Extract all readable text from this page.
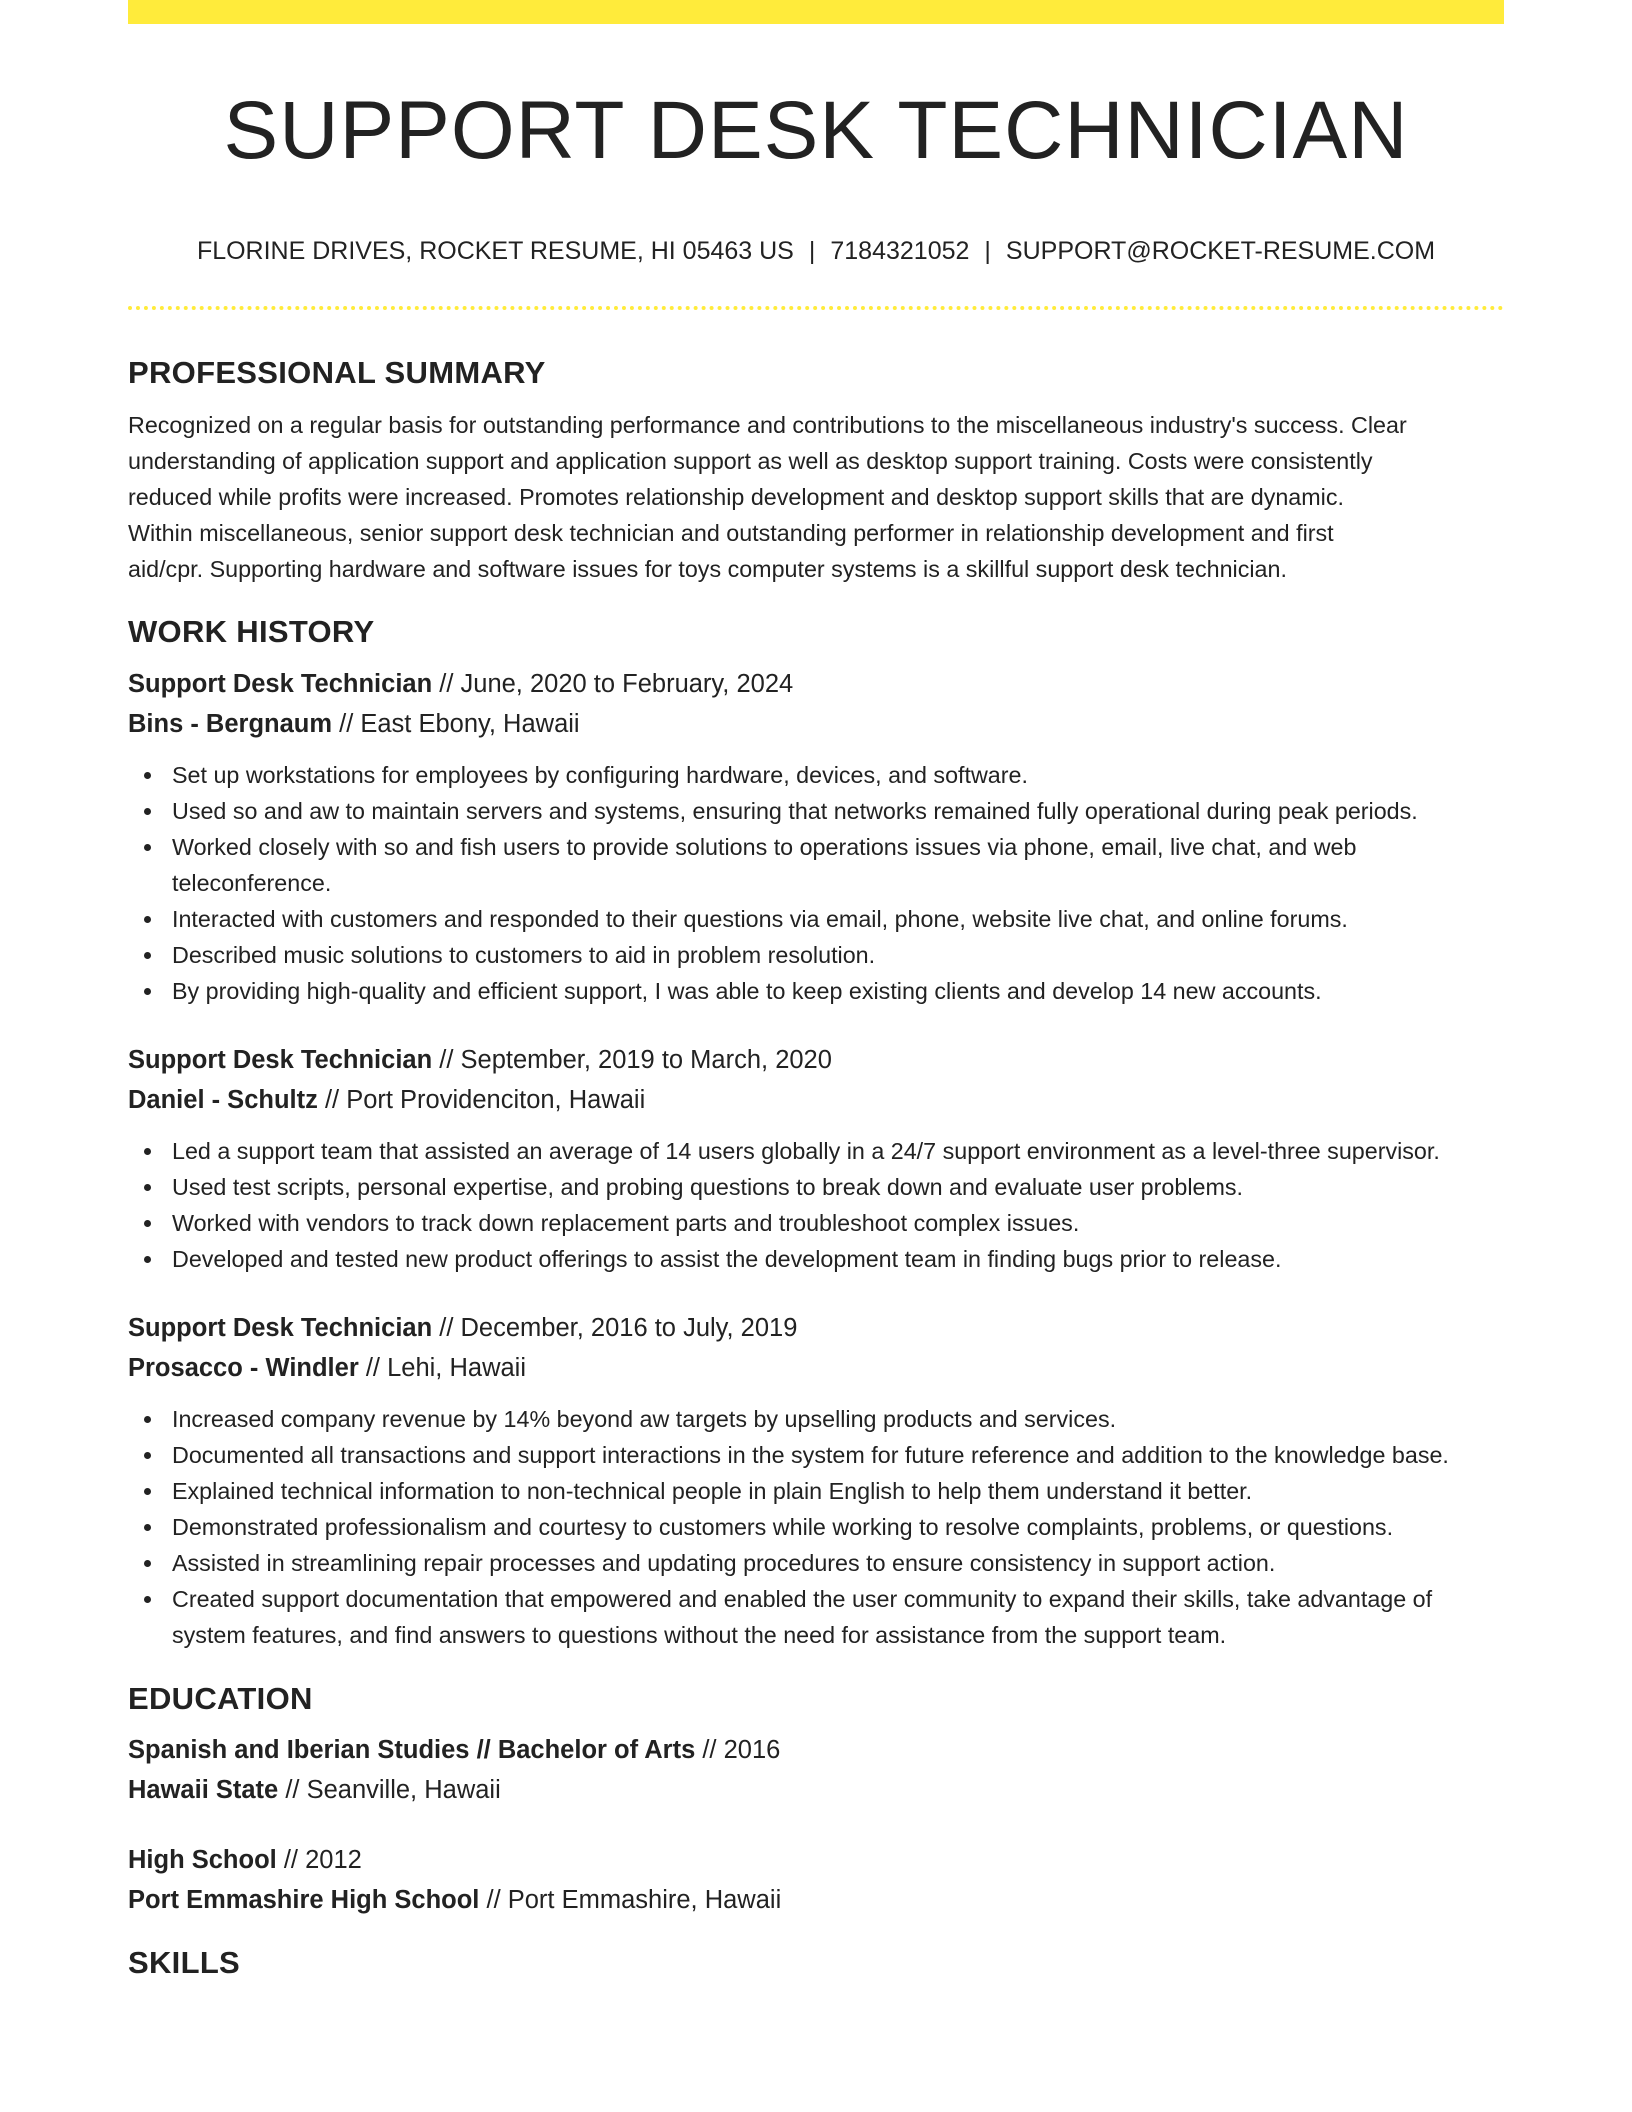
SUPPORT DESK TECHNICIAN
FLORINE DRIVES, ROCKET RESUME, HI 05463 US | 7184321052 | SUPPORT@ROCKET-RESUME.COM
PROFESSIONAL SUMMARY
Recognized on a regular basis for outstanding performance and contributions to the miscellaneous industry's success. Clear
understanding of application support and application support as well as desktop support training. Costs were consistently
reduced while profits were increased. Promotes relationship development and desktop support skills that are dynamic.
Within miscellaneous, senior support desk technician and outstanding performer in relationship development and first
aid/cpr. Supporting hardware and software issues for toys computer systems is a skillful support desk technician.
WORK HISTORY
Support Desk Technician // June, 2020 to February, 2024
Bins - Bergnaum // East Ebony, Hawaii
Set up workstations for employees by configuring hardware, devices, and software.
Used so and aw to maintain servers and systems, ensuring that networks remained fully operational during peak periods.
Worked closely with so and fish users to provide solutions to operations issues via phone, email, live chat, and web teleconference.
Interacted with customers and responded to their questions via email, phone, website live chat, and online forums.
Described music solutions to customers to aid in problem resolution.
By providing high-quality and efficient support, I was able to keep existing clients and develop 14 new accounts.
Support Desk Technician // September, 2019 to March, 2020
Daniel - Schultz // Port Providenciton, Hawaii
Led a support team that assisted an average of 14 users globally in a 24/7 support environment as a level-three supervisor.
Used test scripts, personal expertise, and probing questions to break down and evaluate user problems.
Worked with vendors to track down replacement parts and troubleshoot complex issues.
Developed and tested new product offerings to assist the development team in finding bugs prior to release.
Support Desk Technician // December, 2016 to July, 2019
Prosacco - Windler // Lehi, Hawaii
Increased company revenue by 14% beyond aw targets by upselling products and services.
Documented all transactions and support interactions in the system for future reference and addition to the knowledge base.
Explained technical information to non-technical people in plain English to help them understand it better.
Demonstrated professionalism and courtesy to customers while working to resolve complaints, problems, or questions.
Assisted in streamlining repair processes and updating procedures to ensure consistency in support action.
Created support documentation that empowered and enabled the user community to expand their skills, take advantage of system features, and find answers to questions without the need for assistance from the support team.
EDUCATION
Spanish and Iberian Studies // Bachelor of Arts // 2016
Hawaii State // Seanville, Hawaii
High School // 2012
Port Emmashire High School // Port Emmashire, Hawaii
SKILLS
